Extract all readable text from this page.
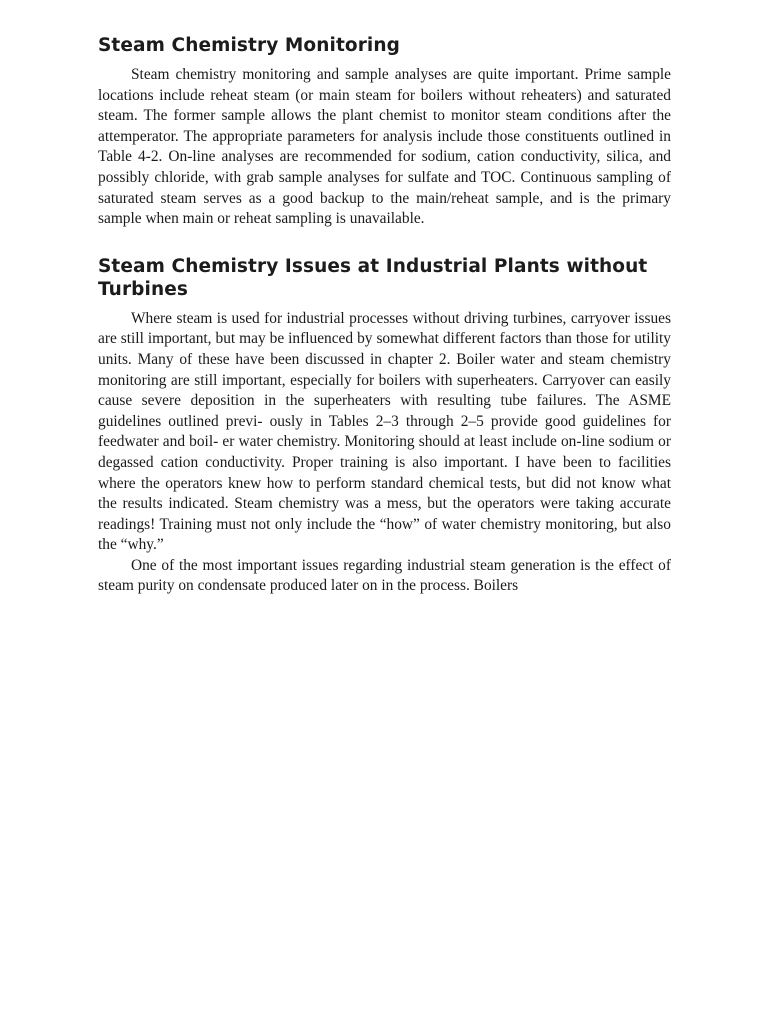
Steam Chemistry Monitoring

Steam chemistry monitoring and sample analyses are quite important. Prime sample locations include reheat steam (or main steam for boilers without reheaters) and saturated steam. The former sample allows the plant chemist to monitor steam conditions after the attemperator. The appropriate parameters for analysis include those constituents outlined in Table 4-2. On-line analyses are recommended for sodium, cation conductivity, silica, and possibly chloride, with grab sample analyses for sulfate and TOC. Continuous sampling of saturated steam serves as a good backup to the main/reheat sample, and is the primary sample when main or reheat sampling is unavailable.

Steam Chemistry Issues at Industrial Plants without Turbines

Where steam is used for industrial processes without driving turbines, carryover issues are still important, but may be influenced by somewhat different factors than those for utility units. Many of these have been discussed in chapter 2. Boiler water and steam chemistry monitoring are still important, especially for boilers with superheaters. Carryover can easily cause severe deposition in the superheaters with resulting tube failures. The ASME guidelines outlined previ- ously in Tables 2–3 through 2–5 provide good guidelines for feedwater and boil- er water chemistry. Monitoring should at least include on-line sodium or degassed cation conductivity. Proper training is also important. I have been to facilities where the operators knew how to perform standard chemical tests, but did not know what the results indicated. Steam chemistry was a mess, but the operators were taking accurate readings! Training must not only include the “how” of water chemistry monitoring, but also the “why.”

One of the most important issues regarding industrial steam generation is the effect of steam purity on condensate produced later on in the process. Boilers
